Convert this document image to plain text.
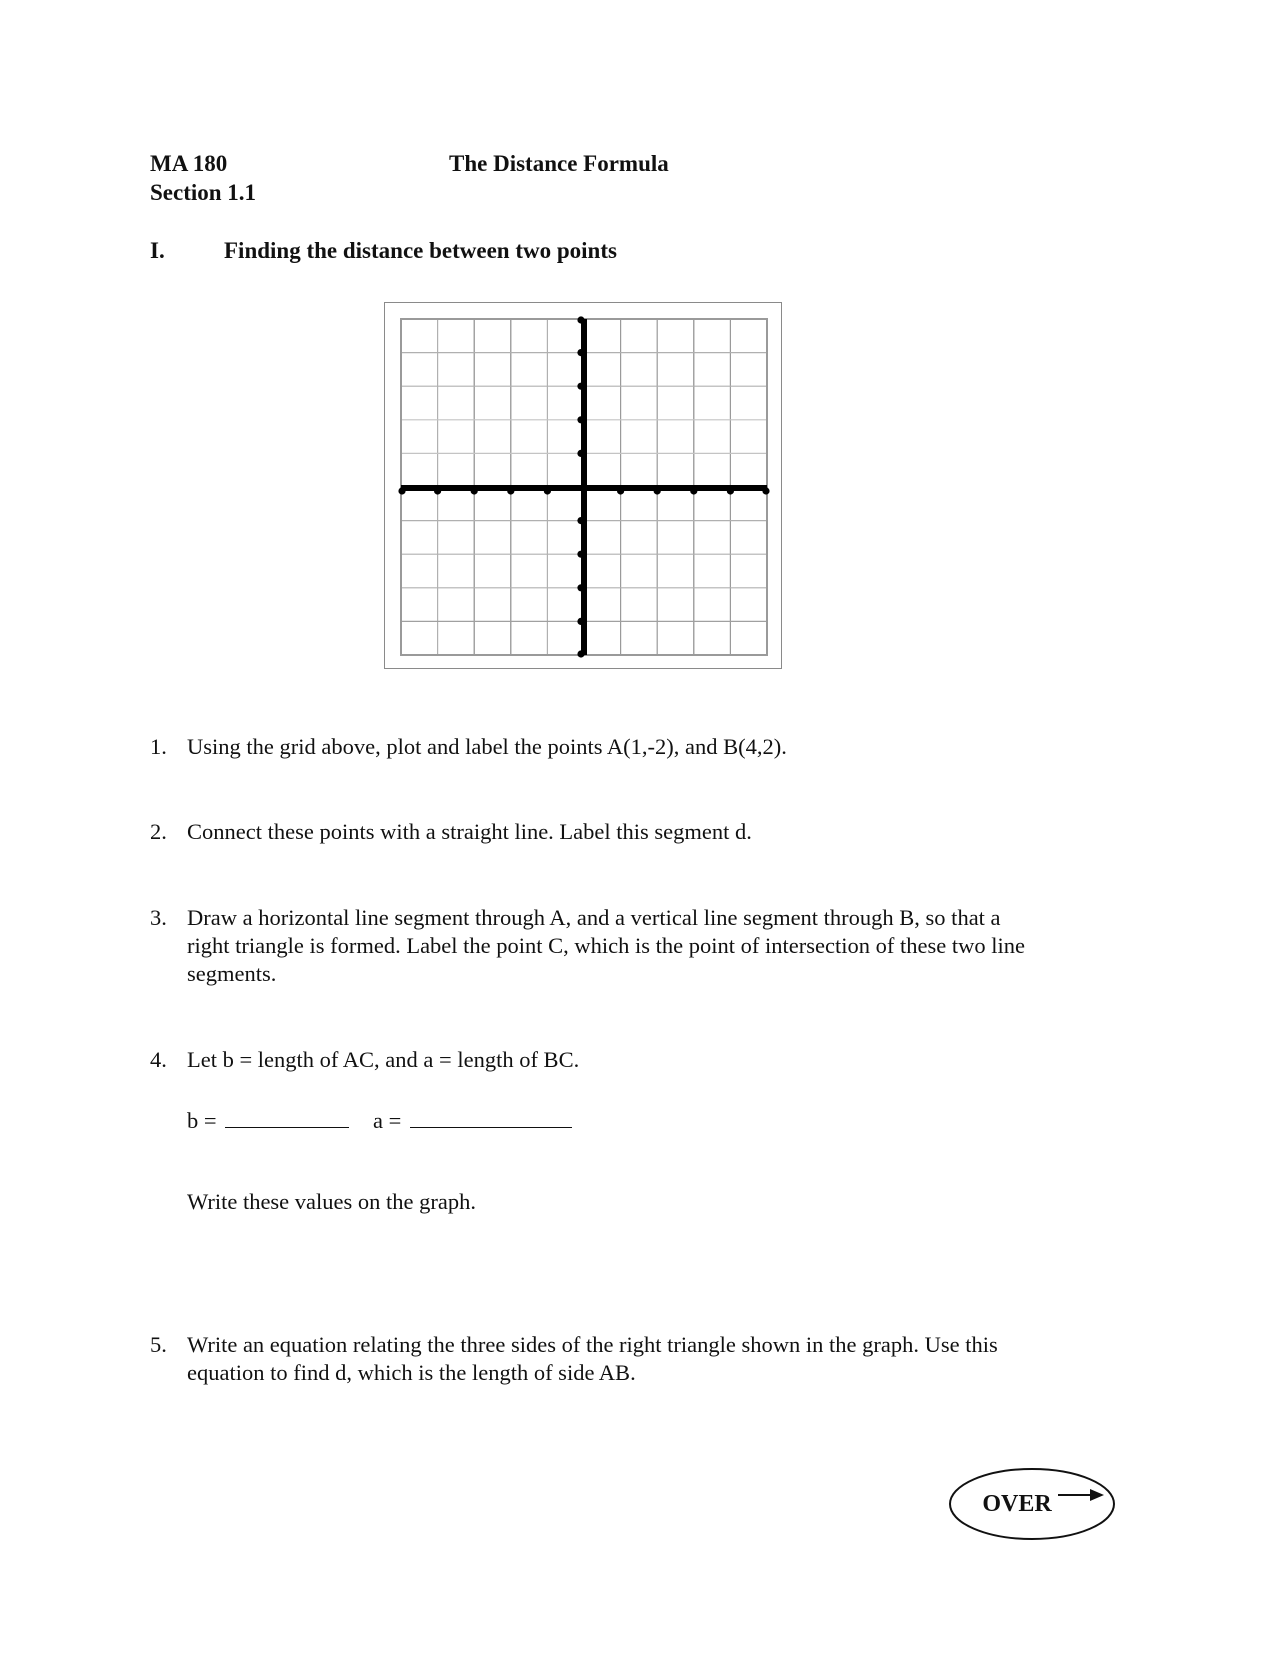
MA 180	The Distance Formula
Section 1.1
I.	Finding the distance between two points
1. Using the grid above, plot and label the points A(1,-2), and B(4,2).
2. Connect these points with a straight line. Label this segment d.
3. Draw a horizontal line segment through A, and a vertical line segment through B, so that a
right triangle is formed. Label the point C, which is the point of intersection of these two line
segments.
4. Let b = length of AC, and a = length of BC.
b =	a =
Write these values on the graph.
5. Write an equation relating the three sides of the right triangle shown in the graph. Use this
equation to find d, which is the length of side AB.
OVER
